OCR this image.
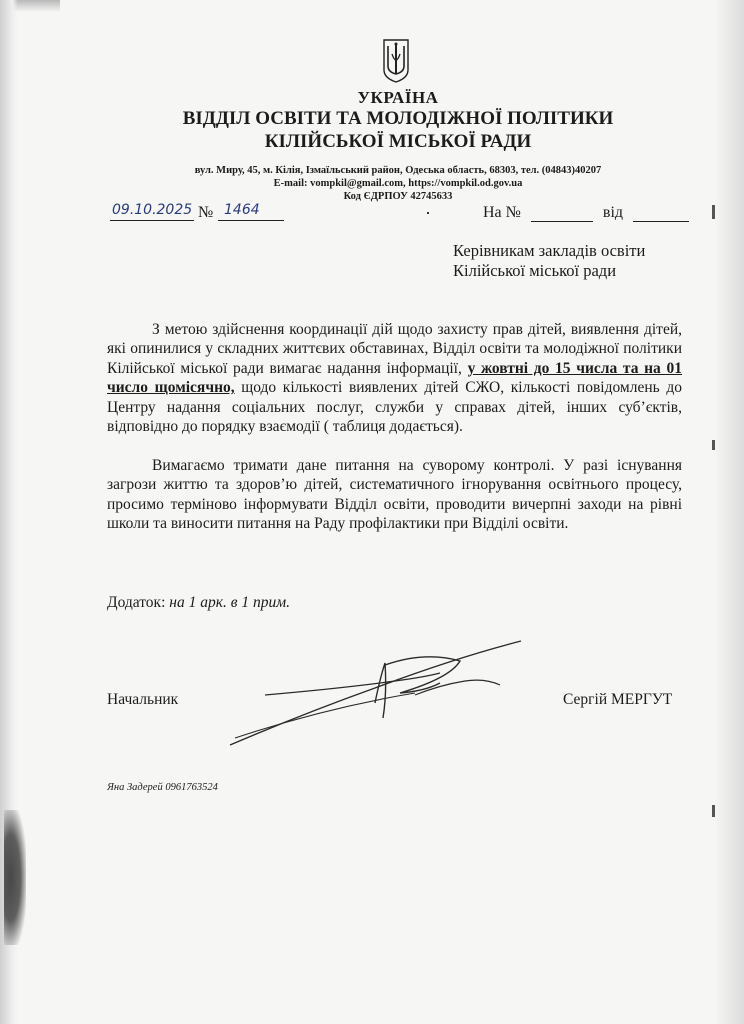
УКРАЇНА
ВІДДІЛ ОСВІТИ ТА МОЛОДІЖНОЇ ПОЛІТИКИ
КІЛІЙСЬКОЇ МІСЬКОЇ РАДИ
вул. Миру, 45, м. Кілія, Ізмаїльський район, Одеська область, 68303, тел. (04843)40207
E-mail: vompkil@gmail.com, https://vompkil.od.gov.ua
Код ЄДРПОУ 42745633
09.10.2025 № 1464	На №	від
Керівникам закладів освіти
Кілійської міської ради
З метою здійснення координації дій щодо захисту прав дітей, виявлення дітей, які опинилися у складних життєвих обставинах, Відділ освіти та молодіжної політики Кілійської міської ради вимагає надання інформації, у жовтні до 15 числа та на 01 число щомісячно, щодо кількості виявлених дітей СЖО, кількості повідомлень до Центру надання соціальних послуг, служби у справах дітей, інших суб’єктів, відповідно до порядку взаємодії ( таблиця додається).
Вимагаємо тримати дане питання на суворому контролі. У разі існування загрози життю та здоров’ю дітей, систематичного ігнорування освітнього процесу, просимо терміново інформувати Відділ освіти, проводити вичерпні заходи на рівні школи та виносити питання на Раду профілактики при Відділі освіти.
Додаток: на 1 арк. в 1 прим.
Начальник	Сергій МЕРГУТ
Яна Задерей 0961763524
